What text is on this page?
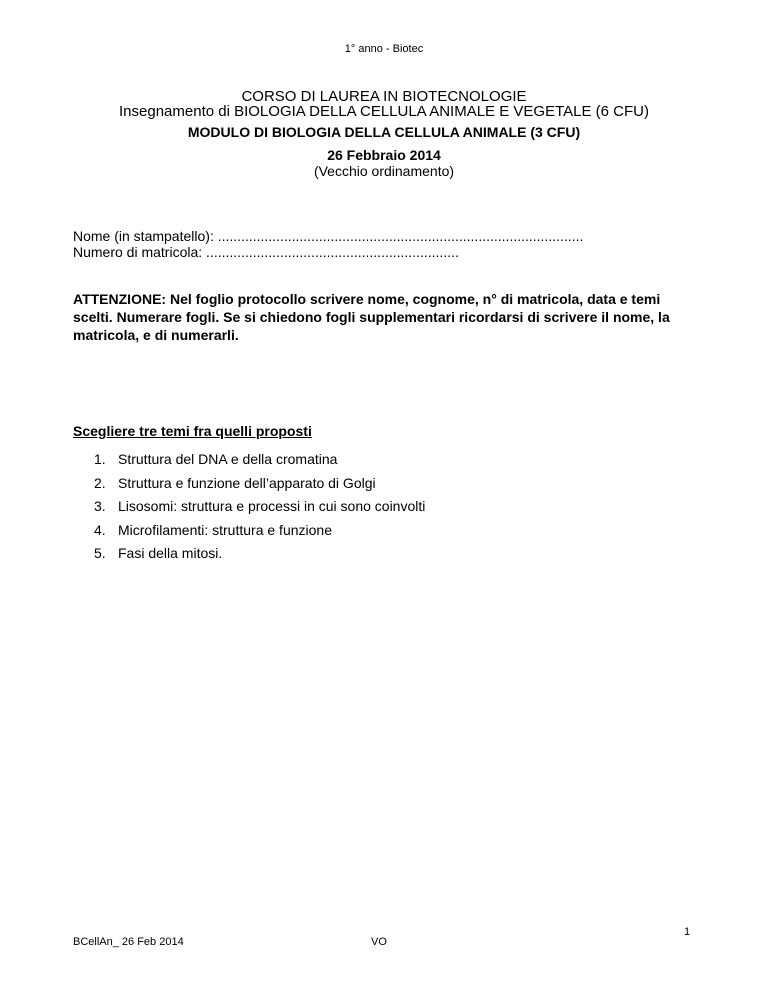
1° anno - Biotec
CORSO DI LAUREA IN BIOTECNOLOGIE
Insegnamento di BIOLOGIA DELLA CELLULA ANIMALE E VEGETALE (6 CFU)
MODULO DI BIOLOGIA DELLA CELLULA ANIMALE (3 CFU)
26 Febbraio 2014
(Vecchio ordinamento)
Nome (in stampatello): ..............................................................................................
Numero di matricola: .................................................................
ATTENZIONE: Nel foglio protocollo scrivere nome, cognome, n° di matricola, data e temi scelti. Numerare fogli. Se si chiedono fogli supplementari ricordarsi di scrivere il nome, la matricola, e di numerarli.
Scegliere tre temi fra quelli proposti
1. Struttura del DNA e della cromatina
2. Struttura e funzione dell’apparato di Golgi
3. Lisosomi: struttura e processi in cui sono coinvolti
4. Microfilamenti: struttura e funzione
5. Fasi della mitosi.
1
BCellAn_ 26 Feb 2014	VO
